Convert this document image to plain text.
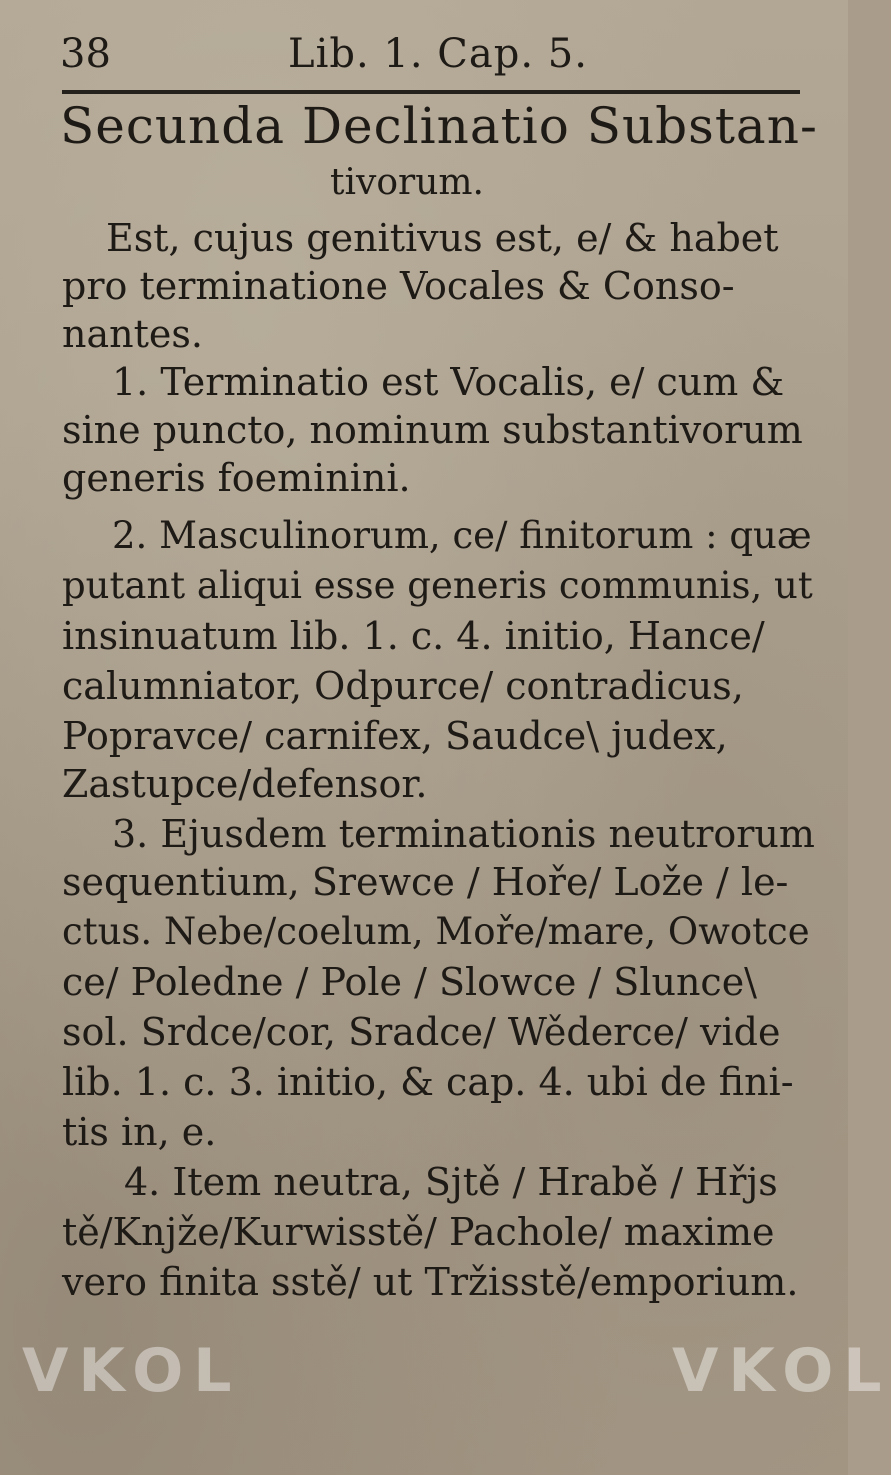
38	Lib. 1. Cap. 5.
Secunda Declinatio Substan-
tivorum.
Est, cujus genitivus est, e/ & habet
pro terminatione Vocales & Conso-
nantes.
1. Terminatio est Vocalis, e/ cum &
sine puncto, nominum substantivorum
generis foeminini.
2. Masculinorum, ce/ finitorum : quæ
putant aliqui esse generis communis, ut
insinuatum lib. 1. c. 4. initio, Hance/
calumniator, Odpurce/ contradicus,
Popravce/ carnifex, Saudce\ judex,
Zastupce/defensor.
3. Ejusdem terminationis neutrorum
sequentium, Srewce / Hoře/ Lože / le-
ctus. Nebe/coelum, Moře/mare, Owotce
ce/ Poledne / Pole / Slowce / Slunce\
sol. Srdce/cor, Sradce/ Wěderce/ vide
lib. 1. c. 3. initio, & cap. 4. ubi de fini-
tis in, e.
4. Item neutra, Sjtě / Hrabě / Hřjs
tě/Knjže/Kurwisstě/ Pachole/ maxime
vero finita sstě/ ut Tržisstě/emporium.
VKOL	VKOL
